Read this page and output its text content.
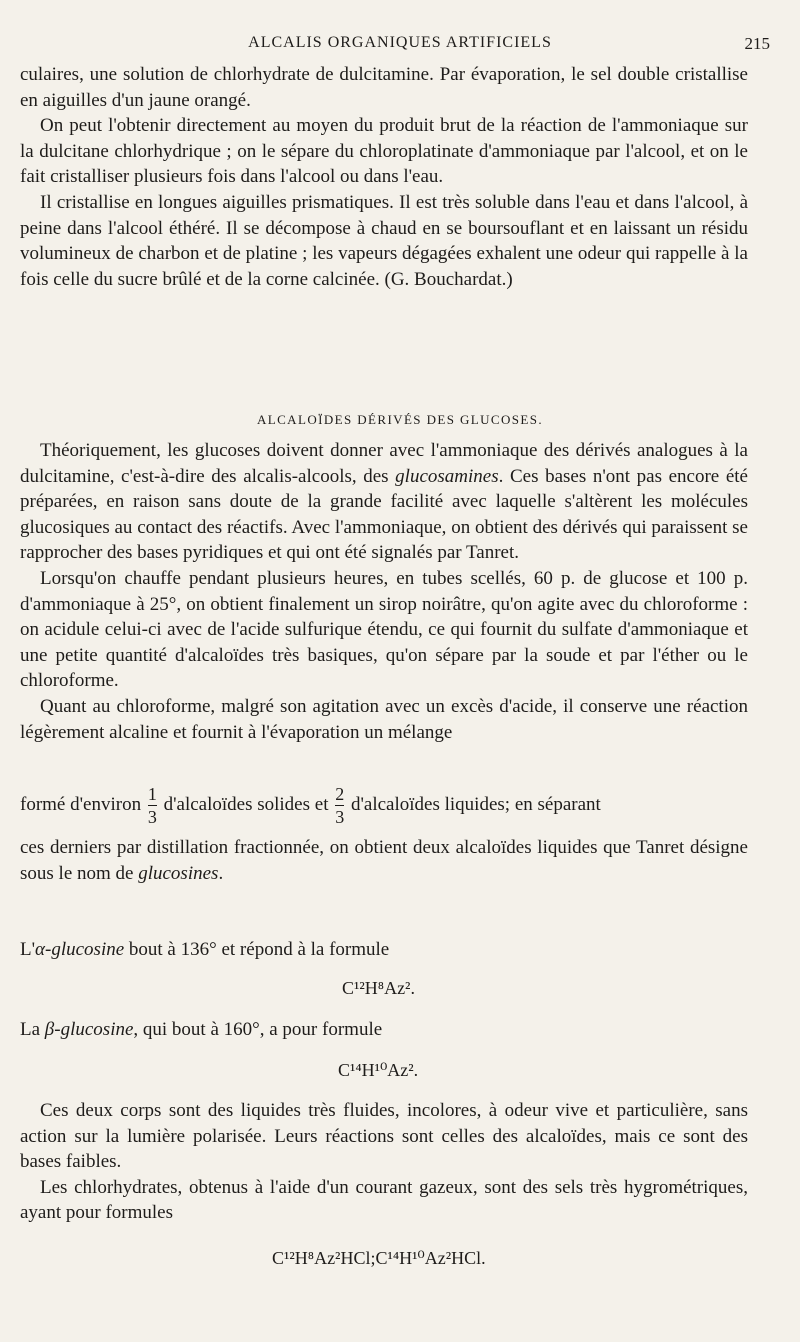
ALCALIS ORGANIQUES ARTIFICIELS	215

culaires, une solution de chlorhydrate de dulcitamine. Par évaporation, le sel double cristallise en aiguilles d'un jaune orangé.

On peut l'obtenir directement au moyen du produit brut de la réaction de l'ammoniaque sur la dulcitane chlorhydrique ; on le sépare du chloroplatinate d'ammoniaque par l'alcool, et on le fait cristalliser plusieurs fois dans l'alcool ou dans l'eau.

Il cristallise en longues aiguilles prismatiques. Il est très soluble dans l'eau et dans l'alcool, à peine dans l'alcool éthéré. Il se décompose à chaud en se boursouflant et en laissant un résidu volumineux de charbon et de platine ; les vapeurs dégagées exhalent une odeur qui rappelle à la fois celle du sucre brûlé et de la corne calcinée. (G. Bouchardat.)

ALCALOÏDES DÉRIVÉS DES GLUCOSES.

Théoriquement, les glucoses doivent donner avec l'ammoniaque des dérivés analogues à la dulcitamine, c'est-à-dire des alcalis-alcools, des glucosamines. Ces bases n'ont pas encore été préparées, en raison sans doute de la grande facilité avec laquelle s'altèrent les molécules glucosiques au contact des réactifs. Avec l'ammoniaque, on obtient des dérivés qui paraissent se rapprocher des bases pyridiques et qui ont été signalés par Tanret.

Lorsqu'on chauffe pendant plusieurs heures, en tubes scellés, 60 p. de glucose et 100 p. d'ammoniaque à 25°, on obtient finalement un sirop noirâtre, qu'on agite avec du chloroforme : on acidule celui-ci avec de l'acide sulfurique étendu, ce qui fournit du sulfate d'ammoniaque et une petite quantité d'alcaloïdes très basiques, qu'on sépare par la soude et par l'éther ou le chloroforme.

Quant au chloroforme, malgré son agitation avec un excès d'acide, il conserve une réaction légèrement alcaline et fournit à l'évaporation un mélange

formé d'environ $\frac{1}{3}$ d'alcaloïdes solides et $\frac{2}{3}$ d'alcaloïdes liquides; en séparant

ces derniers par distillation fractionnée, on obtient deux alcaloïdes liquides que Tanret désigne sous le nom de glucosines.

L'α-glucosine bout à 136° et répond à la formule
C¹²H⁸Az².
La β-glucosine, qui bout à 160°, a pour formule
C¹⁴H¹⁰Az².

Ces deux corps sont des liquides très fluides, incolores, à odeur vive et particulière, sans action sur la lumière polarisée. Leurs réactions sont celles des alcaloïdes, mais ce sont des bases faibles.

Les chlorhydrates, obtenus à l'aide d'un courant gazeux, sont des sels très hygrométriques, ayant pour formules

C¹²H⁸Az²HCl;C¹⁴H¹⁰Az²HCl.
